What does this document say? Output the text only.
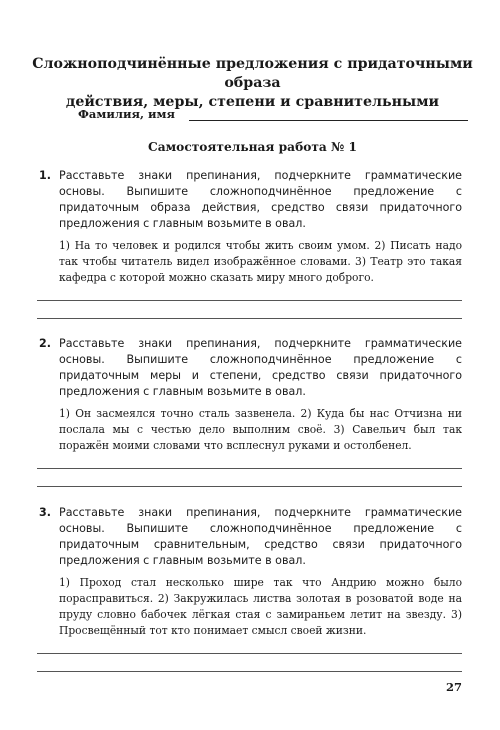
Сложноподчинённые предложения с придаточными образа
действия, меры, степени и сравнительными
Фамилия, имя
Самостоятельная работа № 1
1. Расставьте знаки препинания, подчеркните грамматические основы. Выпишите сложноподчинённое предложение с придаточным образа действия, средство связи придаточного предложения с главным возьмите в овал.
1) На то человек и родился чтобы жить своим умом. 2) Писать надо так чтобы читатель видел изображённое словами. 3) Театр это такая кафедра с которой можно сказать миру много доброго.
2. Расставьте знаки препинания, подчеркните грамматические основы. Выпишите сложноподчинённое предложение с придаточным меры и степени, средство связи придаточного предложения с главным возьмите в овал.
1) Он засмеялся точно сталь зазвенела. 2) Куда бы нас Отчизна ни послала мы с честью дело выполним своё. 3) Савельич был так поражён моими словами что всплеснул руками и остолбенел.
3. Расставьте знаки препинания, подчеркните грамматические основы. Выпишите сложноподчинённое предложение с придаточным сравнительным, средство связи придаточного предложения с главным возьмите в овал.
1) Проход стал несколько шире так что Андрию можно было порасправиться. 2) Закружилась листва золотая в розоватой воде на пруду словно бабочек лёгкая стая с замираньем летит на звезду. 3) Просвещённый тот кто понимает смысл своей жизни.
27
